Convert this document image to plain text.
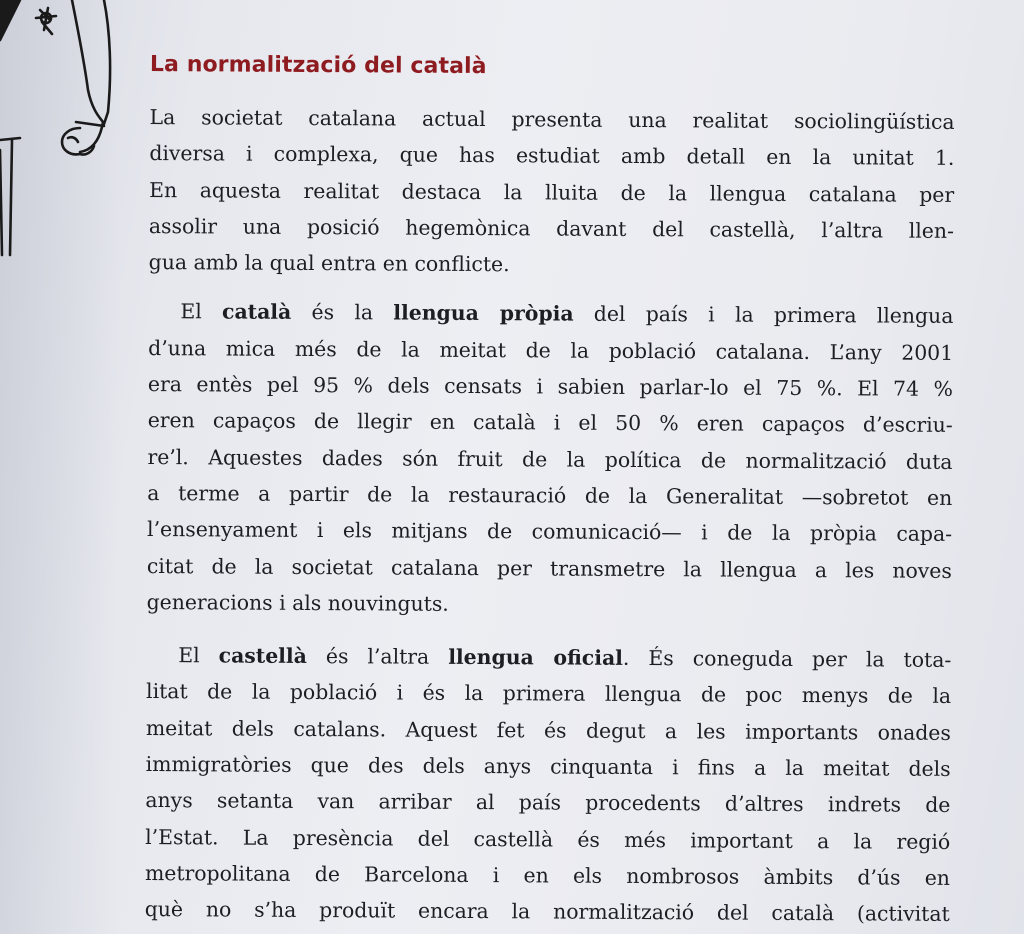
La normalització del català

La societat catalana actual presenta una realitat sociolingüística
diversa i complexa, que has estudiat amb detall en la unitat 1.
En aquesta realitat destaca la lluita de la llengua catalana per
assolir una posició hegemònica davant del castellà, l’altra llen-
gua amb la qual entra en conflicte.

El català és la llengua pròpia del país i la primera llengua
d’una mica més de la meitat de la població catalana. L’any 2001
era entès pel 95 % dels censats i sabien parlar-lo el 75 %. El 74 %
eren capaços de llegir en català i el 50 % eren capaços d’escriu-
re’l. Aquestes dades són fruit de la política de normalització duta
a terme a partir de la restauració de la Generalitat —sobretot en
l’ensenyament i els mitjans de comunicació— i de la pròpia capa-
citat de la societat catalana per transmetre la llengua a les noves
generacions i als nouvinguts.

El castellà és l’altra llengua oficial. És coneguda per la tota-
litat de la població i és la primera llengua de poc menys de la
meitat dels catalans. Aquest fet és degut a les importants onades
immigratòries que des dels anys cinquanta i fins a la meitat dels
anys setanta van arribar al país procedents d’altres indrets de
l’Estat. La presència del castellà és més important a la regió
metropolitana de Barcelona i en els nombrosos àmbits d’ús en
què no s’ha produït encara la normalització del català (activitat
